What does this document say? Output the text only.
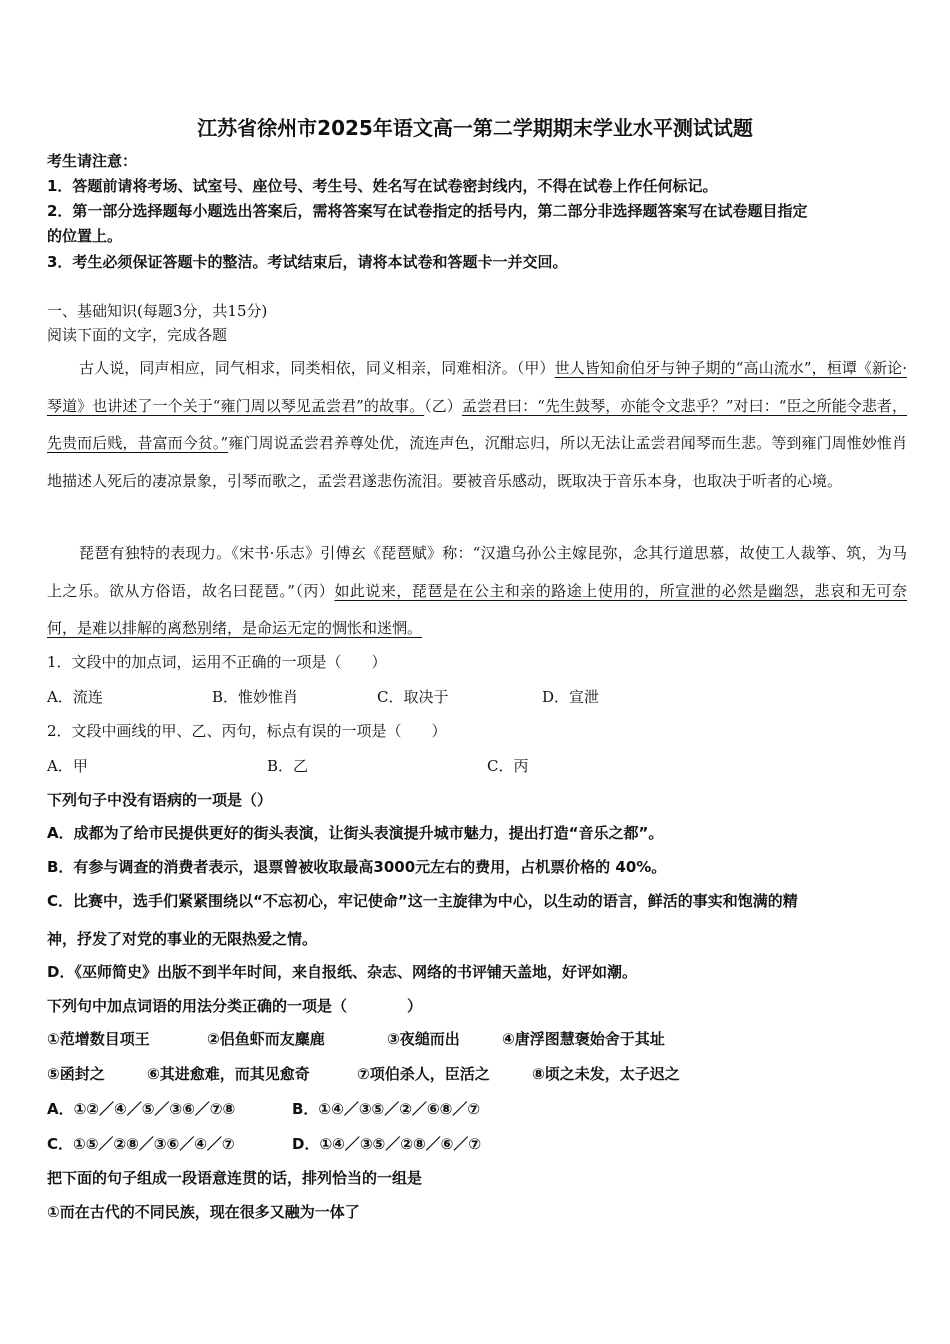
江苏省徐州市2025年语文高一第二学期期末学业水平测试试题
考生请注意：
1．答题前请将考场、试室号、座位号、考生号、姓名写在试卷密封线内，不得在试卷上作任何标记。
2．第一部分选择题每小题选出答案后，需将答案写在试卷指定的括号内，第二部分非选择题答案写在试卷题目指定
的位置上。
3．考生必须保证答题卡的整洁。考试结束后，请将本试卷和答题卡一并交回。
一、基础知识(每题3分，共15分)
阅读下面的文字，完成各题
古人说，同声相应，同气相求，同类相依，同义相亲，同难相济。（甲）世人皆知俞伯牙与钟子期的“高山流水”，桓谭《新论·琴道》也讲述了一个关于“雍门周以琴见孟尝君”的故事。（乙）孟尝君曰：“先生鼓琴，亦能令文悲乎？”对曰：“臣之所能令悲者，先贵而后贱，昔富而今贫。”雍门周说孟尝君养尊处优，流连声色，沉酣忘归，所以无法让孟尝君闻琴而生悲。等到雍门周惟妙惟肖地描述人死后的凄凉景象，引琴而歌之，孟尝君遂悲伤流泪。要被音乐感动，既取决于音乐本身，也取决于听者的心境。
琵琶有独特的表现力。《宋书·乐志》引傅玄《琵琶赋》称：“汉遣乌孙公主嫁昆弥，念其行道思慕，故使工人裁筝、筑，为马上之乐。欲从方俗语，故名曰琵琶。”（丙）如此说来，琵琶是在公主和亲的路途上使用的，所宣泄的必然是幽怨，悲哀和无可奈何，是难以排解的离愁别绪，是命运无定的惆怅和迷惘。
1．文段中的加点词，运用不正确的一项是（　　）
A．流连	B．惟妙惟肖	C．取决于	D．宣泄
2．文段中画线的甲、乙、丙句，标点有误的一项是（　　）
A．甲	B．乙	C．丙
下列句子中没有语病的一项是（）
A．成都为了给市民提供更好的街头表演，让街头表演提升城市魅力，提出打造“音乐之都”。
B．有参与调查的消费者表示，退票曾被收取最高3000元左右的费用，占机票价格的 40%。
C．比赛中，选手们紧紧围绕以“不忘初心，牢记使命”这一主旋律为中心，以生动的语言，鲜活的事实和饱满的精
神，抒发了对党的事业的无限热爱之情。
D．《巫师简史》出版不到半年时间，来自报纸、杂志、网络的书评铺天盖地，好评如潮。
下列句中加点词语的用法分类正确的一项是（　　　　）
①范增数目项王	②侣鱼虾而友麋鹿	③夜缒而出	④唐浮图慧褒始舍于其址
⑤函封之	⑥其进愈难，而其见愈奇	⑦项伯杀人，臣活之	⑧顷之未发，太子迟之
A．①②／④／⑤／③⑥／⑦⑧	B．①④／③⑤／②／⑥⑧／⑦
C．①⑤／②⑧／③⑥／④／⑦	D．①④／③⑤／②⑧／⑥／⑦
把下面的句子组成一段语意连贯的话，排列恰当的一组是
①而在古代的不同民族，现在很多又融为一体了
